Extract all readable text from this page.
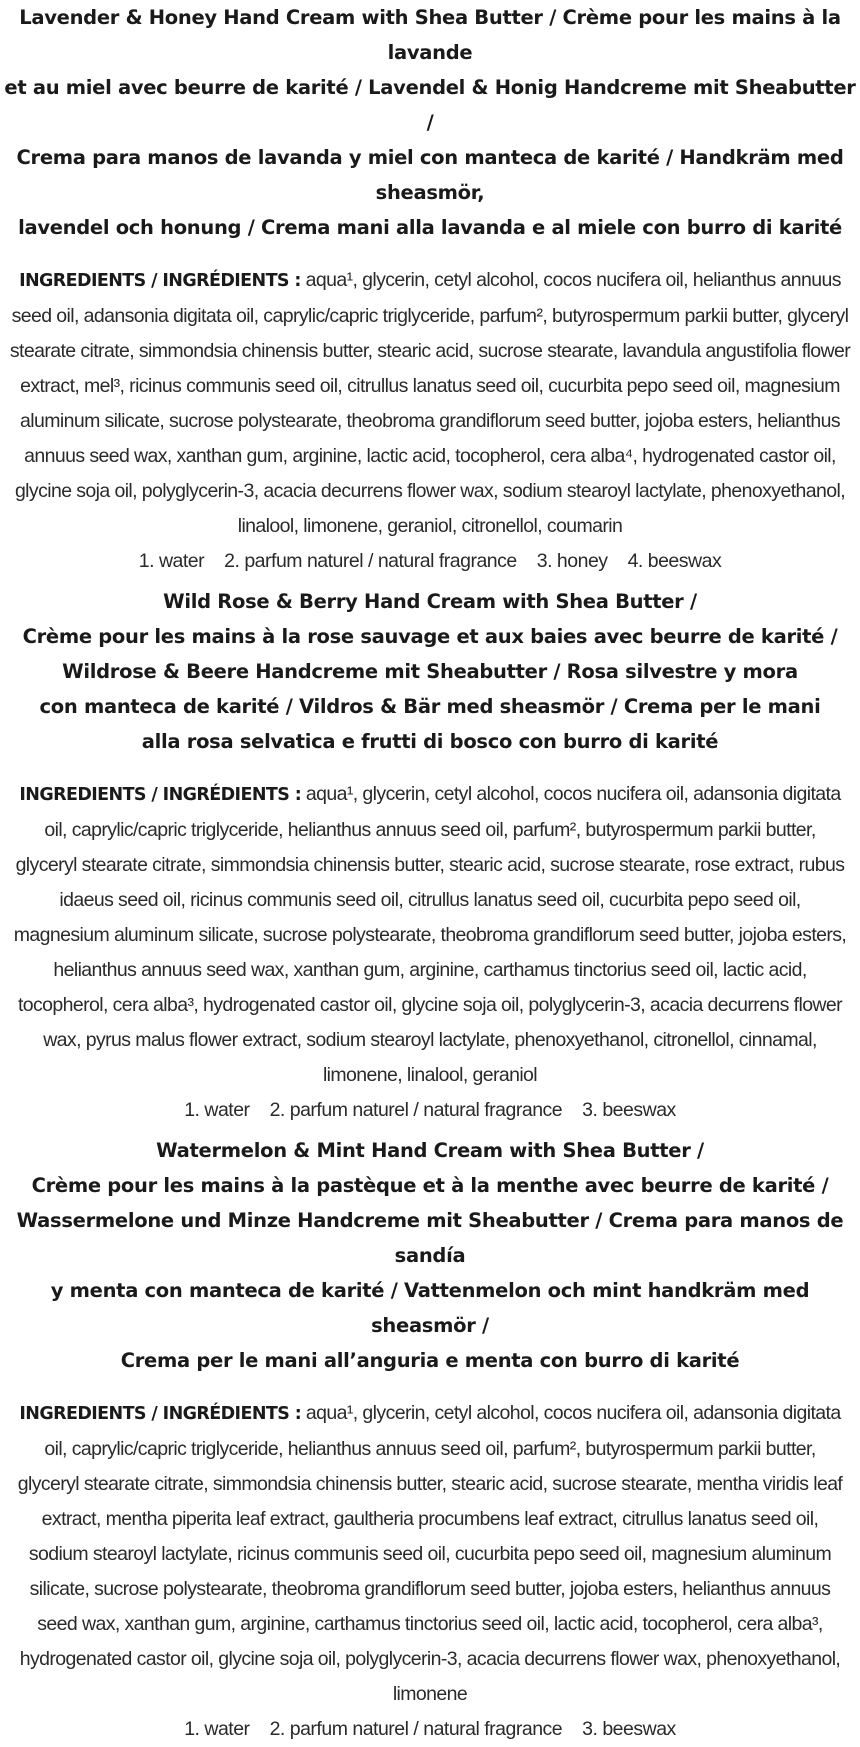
Lavender & Honey Hand Cream with Shea Butter / Crème pour les mains à la lavande
et au miel avec beurre de karité / Lavendel & Honig Handcreme mit Sheabutter /
Crema para manos de lavanda y miel con manteca de karité / Handkräm med sheasmör,
lavendel och honung / Crema mani alla lavanda e al miele con burro di karité

INGREDIENTS / INGRÉDIENTS : aqua¹, glycerin, cetyl alcohol, cocos nucifera oil, helianthus annuus seed oil, adansonia digitata oil, caprylic/capric triglyceride, parfum², butyrospermum parkii butter, glyceryl stearate citrate, simmondsia chinensis butter, stearic acid, sucrose stearate, lavandula angustifolia flower extract, mel³, ricinus communis seed oil, citrullus lanatus seed oil, cucurbita pepo seed oil, magnesium aluminum silicate, sucrose polystearate, theobroma grandiflorum seed butter, jojoba esters, helianthus annuus seed wax, xanthan gum, arginine, lactic acid, tocopherol, cera alba⁴, hydrogenated castor oil, glycine soja oil, polyglycerin-3, acacia decurrens flower wax, sodium stearoyl lactylate, phenoxyethanol, linalool, limonene, geraniol, citronellol, coumarin

1. water 2. parfum naturel / natural fragrance 3. honey 4. beeswax

Wild Rose & Berry Hand Cream with Shea Butter /
Crème pour les mains à la rose sauvage et aux baies avec beurre de karité /
Wildrose & Beere Handcreme mit Sheabutter / Rosa silvestre y mora
con manteca de karité / Vildros & Bär med sheasmör / Crema per le mani
alla rosa selvatica e frutti di bosco con burro di karité

INGREDIENTS / INGRÉDIENTS : aqua¹, glycerin, cetyl alcohol, cocos nucifera oil, adansonia digitata oil, caprylic/capric triglyceride, helianthus annuus seed oil, parfum², butyrospermum parkii butter, glyceryl stearate citrate, simmondsia chinensis butter, stearic acid, sucrose stearate, rose extract, rubus idaeus seed oil, ricinus communis seed oil, citrullus lanatus seed oil, cucurbita pepo seed oil, magnesium aluminum silicate, sucrose polystearate, theobroma grandiflorum seed butter, jojoba esters, helianthus annuus seed wax, xanthan gum, arginine, carthamus tinctorius seed oil, lactic acid, tocopherol, cera alba³, hydrogenated castor oil, glycine soja oil, polyglycerin-3, acacia decurrens flower wax, pyrus malus flower extract, sodium stearoyl lactylate, phenoxyethanol, citronellol, cinnamal, limonene, linalool, geraniol

1. water 2. parfum naturel / natural fragrance 3. beeswax

Watermelon & Mint Hand Cream with Shea Butter /
Crème pour les mains à la pastèque et à la menthe avec beurre de karité /
Wassermelone und Minze Handcreme mit Sheabutter / Crema para manos de sandía
y menta con manteca de karité / Vattenmelon och mint handkräm med sheasmör /
Crema per le mani all’anguria e menta con burro di karité

INGREDIENTS / INGRÉDIENTS : aqua¹, glycerin, cetyl alcohol, cocos nucifera oil, adansonia digitata oil, caprylic/capric triglyceride, helianthus annuus seed oil, parfum², butyrospermum parkii butter, glyceryl stearate citrate, simmondsia chinensis butter, stearic acid, sucrose stearate, mentha viridis leaf extract, mentha piperita leaf extract, gaultheria procumbens leaf extract, citrullus lanatus seed oil, sodium stearoyl lactylate, ricinus communis seed oil, cucurbita pepo seed oil, magnesium aluminum silicate, sucrose polystearate, theobroma grandiflorum seed butter, jojoba esters, helianthus annuus seed wax, xanthan gum, arginine, carthamus tinctorius seed oil, lactic acid, tocopherol, cera alba³, hydrogenated castor oil, glycine soja oil, polyglycerin-3, acacia decurrens flower wax, phenoxyethanol, limonene

1. water 2. parfum naturel / natural fragrance 3. beeswax
